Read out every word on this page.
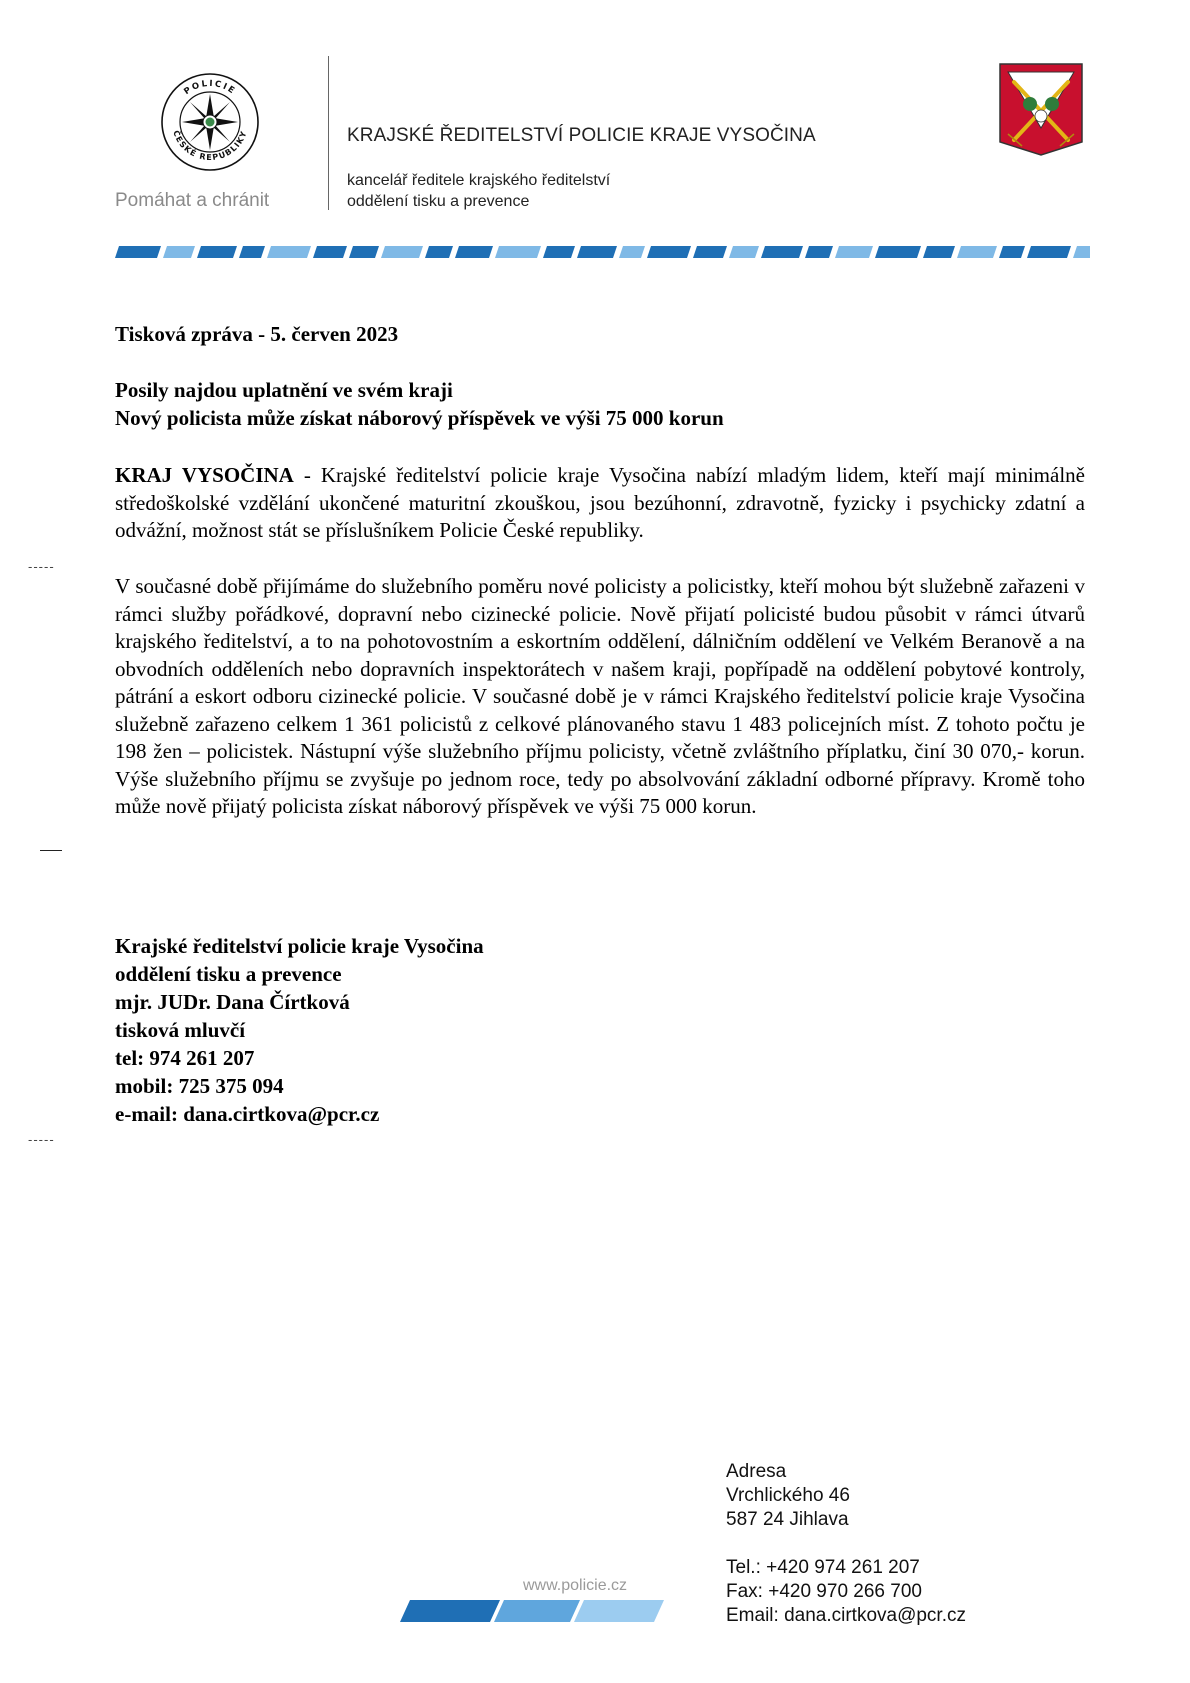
POLICIE
ČESKÉ REPUBLIKY
Pomáhat a chránit
KRAJSKÉ ŘEDITELSTVÍ POLICIE KRAJE VYSOČINA
kancelář ředitele krajského ředitelství
oddělení tisku a prevence
Tisková zpráva - 5. červen 2023
Posily najdou uplatnění ve svém kraji
Nový policista může získat náborový příspěvek ve výši 75 000 korun
KRAJ VYSOČINA - Krajské ředitelství policie kraje Vysočina nabízí mladým lidem, kteří mají minimálně středoškolské vzdělání ukončené maturitní zkouškou, jsou bezúhonní, zdravotně, fyzicky i psychicky zdatní a odvážní, možnost stát se příslušníkem Policie České republiky.
V současné době přijímáme do služebního poměru nové policisty a policistky, kteří mohou být služebně zařazeni v rámci služby pořádkové, dopravní nebo cizinecké policie. Nově přijatí policisté budou působit v rámci útvarů krajského ředitelství, a to na pohotovostním a eskortním oddělení, dálničním oddělení ve Velkém Beranově a na obvodních odděleních nebo dopravních inspektorátech v našem kraji, popřípadě na oddělení pobytové kontroly, pátrání a eskort odboru cizinecké policie. V současné době je v rámci Krajského ředitelství policie kraje Vysočina služebně zařazeno celkem 1 361 policistů z celkové plánovaného stavu 1 483 policejních míst. Z tohoto počtu je 198 žen – policistek. Nástupní výše služebního příjmu policisty, včetně zvláštního příplatku, činí 30 070,- korun. Výše služebního příjmu se zvyšuje po jednom roce, tedy po absolvování základní odborné přípravy. Kromě toho může nově přijatý policista získat náborový příspěvek ve výši 75 000 korun.
-----
-----
Krajské ředitelství policie kraje Vysočina
oddělení tisku a prevence
mjr. JUDr. Dana Čírtková
tisková mluvčí
tel: 974 261 207
mobil: 725 375 094
e-mail: dana.cirtkova@pcr.cz
www.policie.cz
Adresa
Vrchlického 46
587 24 Jihlava
Tel.: +420 974 261 207
Fax: +420 970 266 700
Email: dana.cirtkova@pcr.cz
